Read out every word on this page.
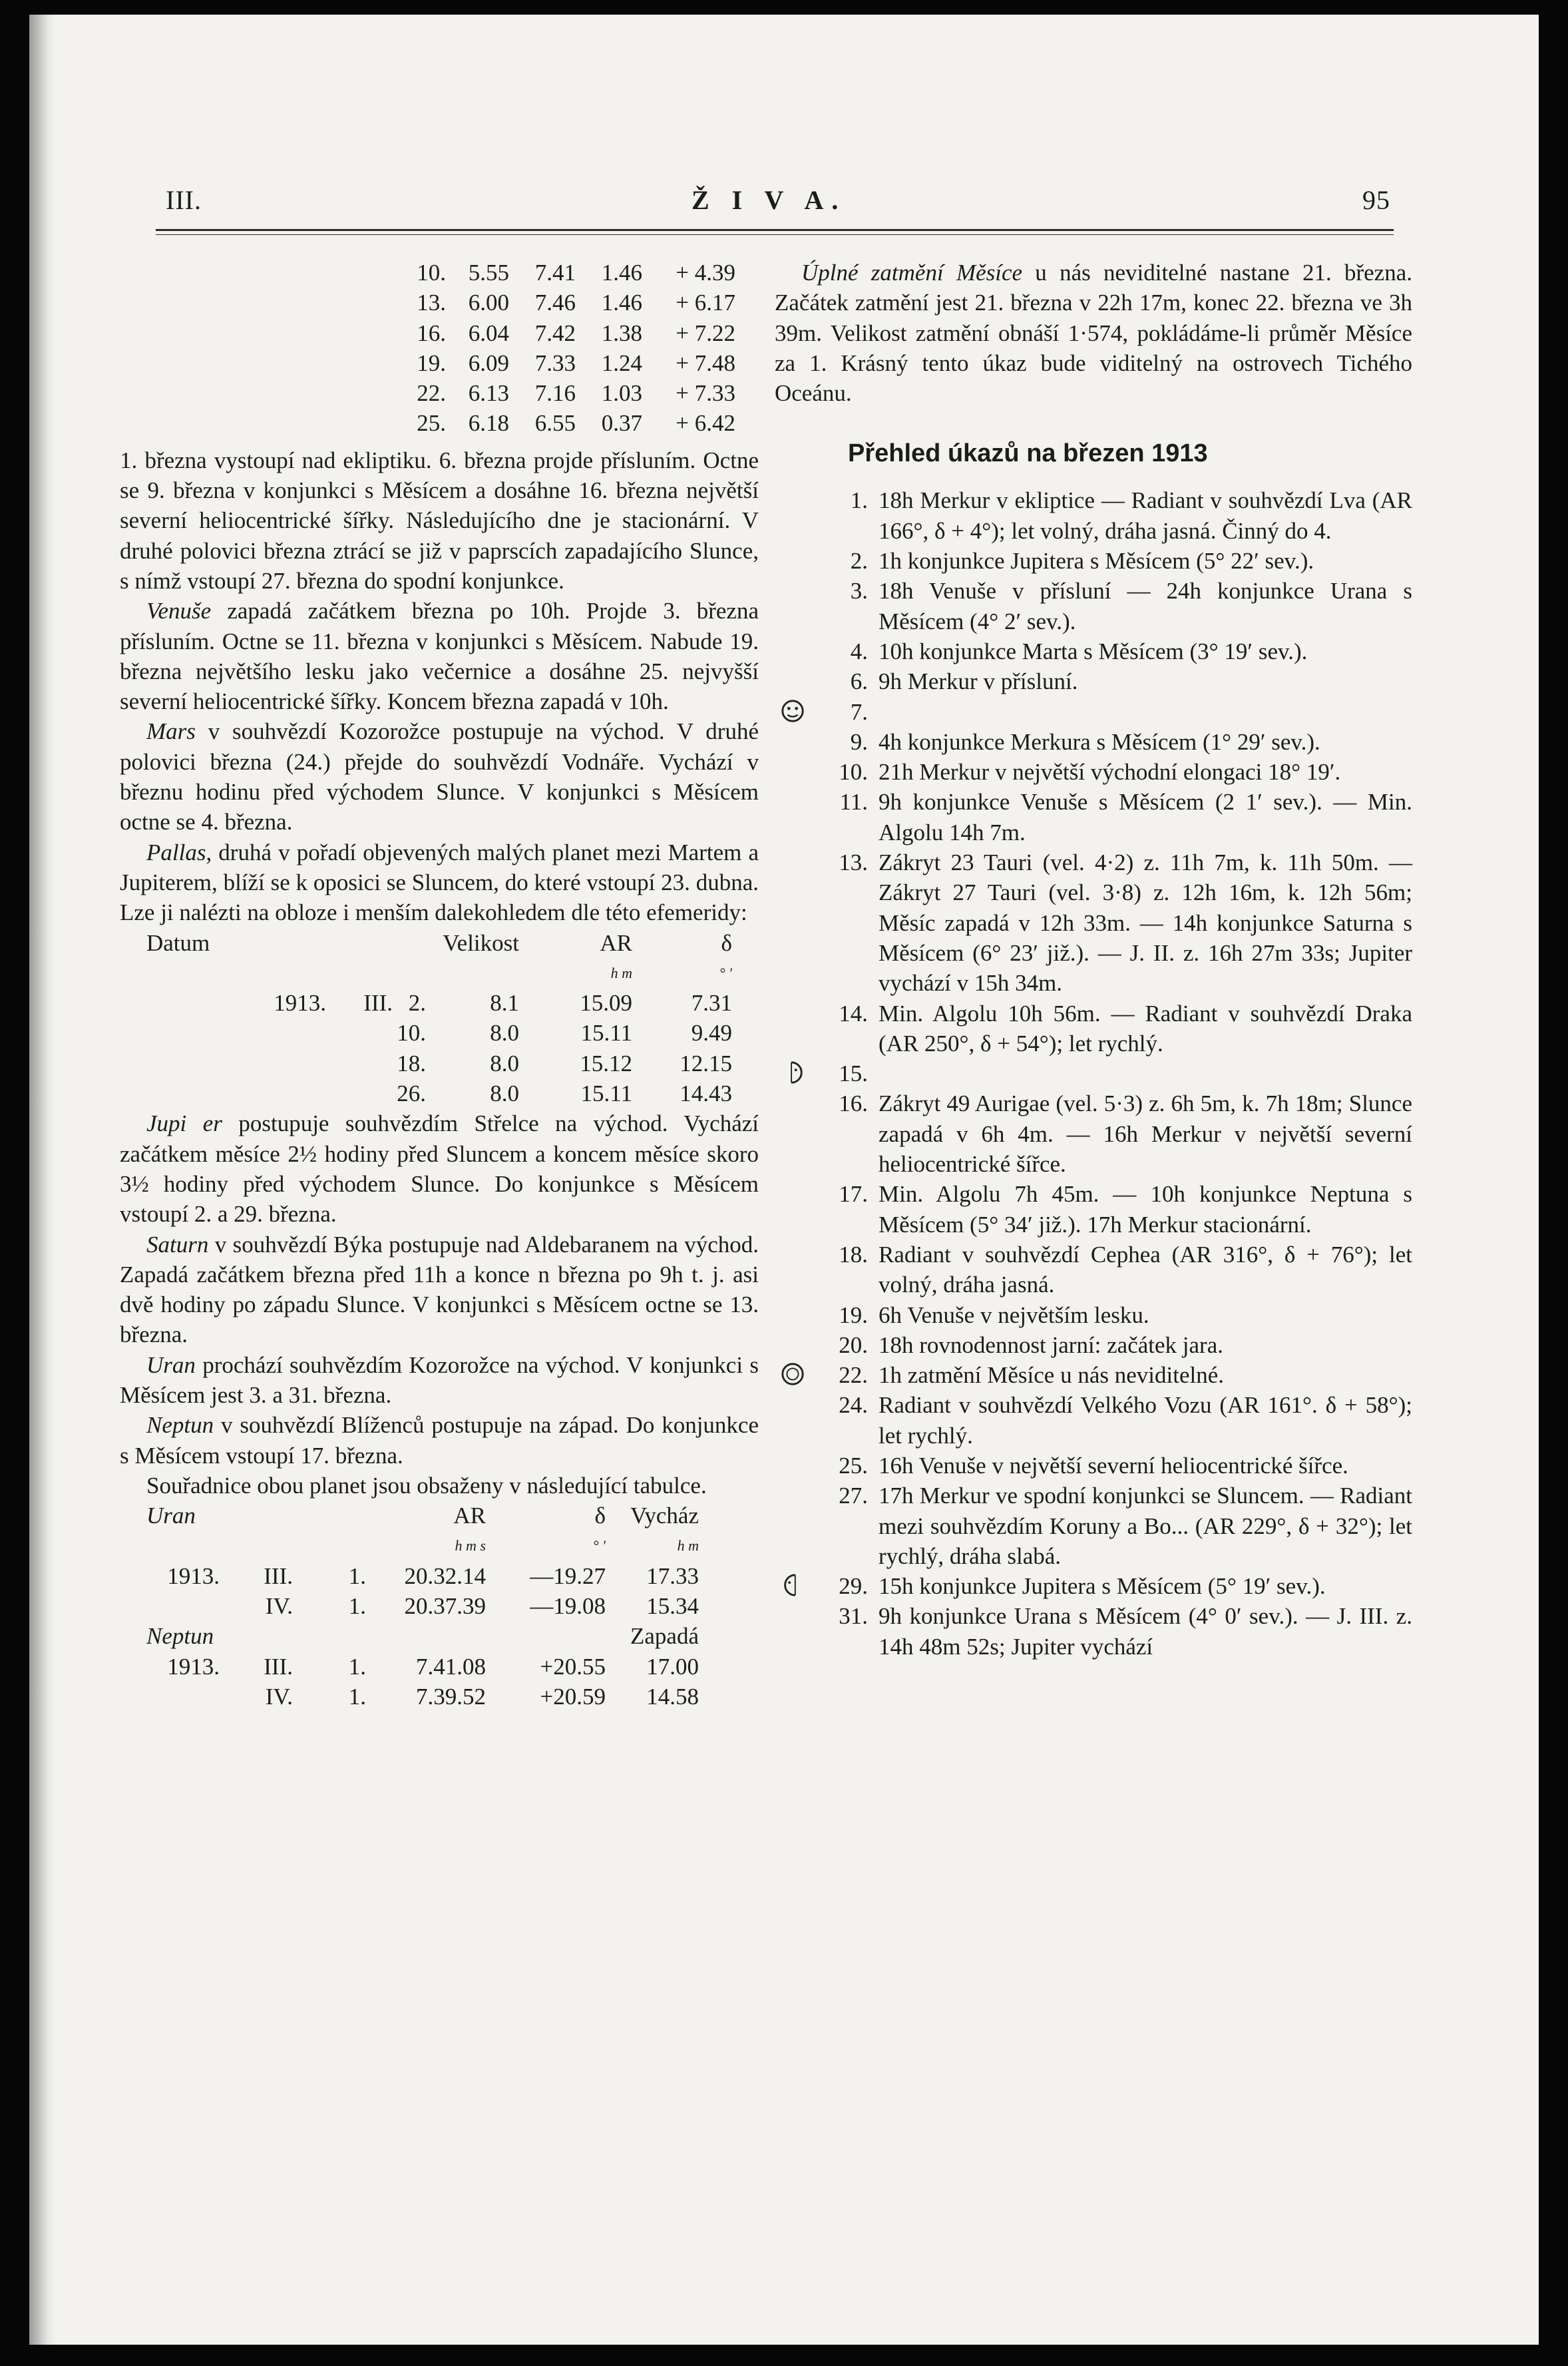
III.	Ž I V A.	95
10.	5.55	7.41	1.46	+ 4.39
13.	6.00	7.46	1.46	+ 6.17
16.	6.04	7.42	1.38	+ 7.22
19.	6.09	7.33	1.24	+ 7.48
22.	6.13	7.16	1.03	+ 7.33
25.	6.18	6.55	0.37	+ 6.42

1. března vystoupí nad ekliptiku. 6. března projde přísluním. Octne se 9. března v konjunkci s Měsícem a dosáhne 16. března největší severní heliocentrické šířky. Následujícího dne je stacionární. V druhé polovici března ztrácí se již v paprscích zapadajícího Slunce, s nímž vstoupí 27. března do spodní konjunkce.

Venuše zapadá začátkem března po 10h. Projde 3. března přísluním. Octne se 11. března v konjunkci s Měsícem. Nabude 19. března největšího lesku jako večernice a dosáhne 25. nejvyšší severní heliocentrické šířky. Koncem března zapadá v 10h.

Mars v souhvězdí Kozorožce postupuje na východ. V druhé polovici března (24.) přejde do souhvězdí Vodnáře. Vychází v březnu hodinu před východem Slunce. V konjunkci s Měsícem octne se 4. března.

Pallas, druhá v pořadí objevených malých planet mezi Martem a Jupiterem, blíží se k oposici se Sluncem, do které vstoupí 23. dubna. Lze ji nalézti na obloze i menším dalekohledem dle této efemeridy:

Datum			Velikost	AR	δ
				h m	° ′
1913.	III.	2.	8.1	15.09	7.31
		10.	8.0	15.11	9.49
		18.	8.0	15.12	12.15
		26.	8.0	15.11	14.43

Jupi er postupuje souhvězdím Střelce na východ. Vychází začátkem měsíce 2½ hodiny před Sluncem a koncem měsíce skoro 3½ hodiny před východem Slunce. Do konjunkce s Měsícem vstoupí 2. a 29. března.

Saturn v souhvězdí Býka postupuje nad Aldebaranem na východ. Zapadá začátkem března před 11h a konce n března po 9h t. j. asi dvě hodiny po západu Slunce. V konjunkci s Měsícem octne se 13. března.

Uran prochází souhvězdím Kozorožce na východ. V konjunkci s Měsícem jest 3. a 31. března.

Neptun v souhvězdí Blíženců postupuje na západ. Do konjunkce s Měsícem vstoupí 17. března.

Souřadnice obou planet jsou obsaženy v následující tabulce.

Uran			AR	δ	Vycház
			h m s	° ′	h m
1913.	III.	1.	20.32.14	—19.27	17.33
	IV.	1.	20.37.39	—19.08	15.34
Neptun					Zapadá
1913.	III.	1.	7.41.08	+20.55	17.00
	IV.	1.	7.39.52	+20.59	14.58

Úplné zatmění Měsíce u nás neviditelné nastane 21. března. Začátek zatmění jest 21. března v 22h 17m, konec 22. března ve 3h 39m. Velikost zatmění obnáší 1·574, pokládáme-li průměr Měsíce za 1. Krásný tento úkaz bude viditelný na ostrovech Tichého Oceánu.

Přehled úkazů na březen 1913
1. 18h Merkur v ekliptice — Radiant v souhvězdí Lva (AR 166°, δ + 4°); let volný, dráha jasná. Činný do 4.
2. 1h konjunkce Jupitera s Měsícem (5° 22′ sev.).
3. 18h Venuše v přísluní — 24h konjunkce Urana s Měsícem (4° 2′ sev.).
4. 10h konjunkce Marta s Měsícem (3° 19′ sev.).
6. 9h Merkur v přísluní.
7.

9. 4h konjunkce Merkura s Měsícem (1° 29′ sev.).
10. 21h Merkur v největší východní elongaci 18° 19′.
11. 9h konjunkce Venuše s Měsícem (2 1′ sev.). — Min. Algolu 14h 7m.
13. Zákryt 23 Tauri (vel. 4·2) z. 11h 7m, k. 11h 50m. — Zákryt 27 Tauri (vel. 3·8) z. 12h 16m, k. 12h 56m; Měsíc zapadá v 12h 33m. — 14h konjunkce Saturna s Měsícem (6° 23′ již.). — J. II. z. 16h 27m 33s; Jupiter vychází v 15h 34m.
14. Min. Algolu 10h 56m. — Radiant v souhvězdí Draka (AR 250°, δ + 54°); let rychlý.
15.

16. Zákryt 49 Aurigae (vel. 5·3) z. 6h 5m, k. 7h 18m; Slunce zapadá v 6h 4m. — 16h Merkur v největší severní heliocentrické šířce.
17. Min. Algolu 7h 45m. — 10h konjunkce Neptuna s Měsícem (5° 34′ již.). 17h Merkur stacionární.
18. Radiant v souhvězdí Cephea (AR 316°, δ + 76°); let volný, dráha jasná.
19. 6h Venuše v největším lesku.
20. 18h rovnodennost jarní: začátek jara.
22. 1h zatmění Měsíce u nás neviditelné.
24. Radiant v souhvězdí Velkého Vozu (AR 161°. δ + 58°); let rychlý.
25. 16h Venuše v největší severní heliocentrické šířce.
27. 17h Merkur ve spodní konjunkci se Sluncem. — Radiant mezi souhvězdím Koruny a Bo... (AR 229°, δ + 32°); let rychlý, dráha slabá.
29. 15h konjunkce Jupitera s Měsícem (5° 19′ sev.).
31. 9h konjunkce Urana s Měsícem (4° 0′ sev.). — J. III. z. 14h 48m 52s; Jupiter vychází
